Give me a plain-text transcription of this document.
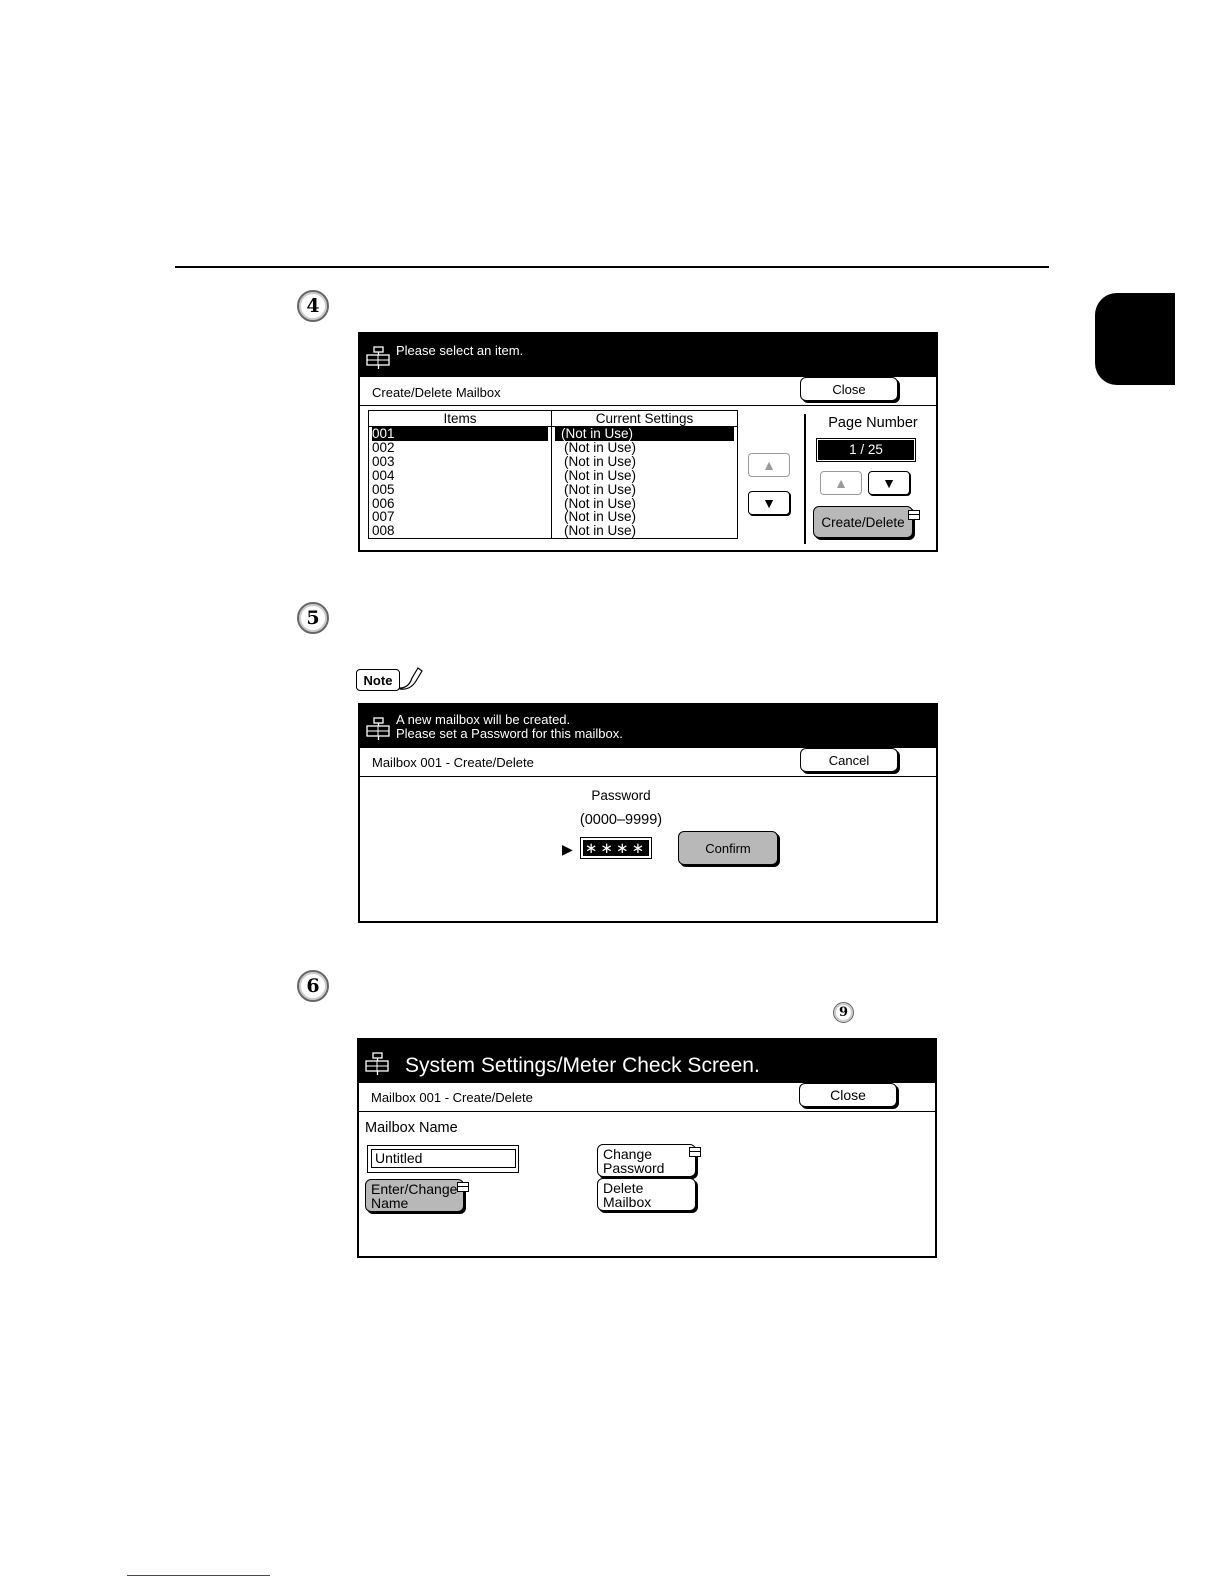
4
Please select an item.
Create/Delete Mailbox	Close
Items	Current Settings

001	(Not in Use)

002	(Not in Use)
003	(Not in Use)
004	(Not in Use)
005	(Not in Use)
006	(Not in Use)
007	(Not in Use)
008	(Not in Use)
▲
▼
Page Number
1 / 25
▲	▼
Create/Delete
5
Note
A new mailbox will be created.
Please set a Password for this mailbox.
Mailbox 001 - Create/Delete	Cancel
Password
(0000–9999)
▶ ∗∗∗∗	Confirm
6
9
System Settings/Meter Check Screen.
Mailbox 001 - Create/Delete	Close
Mailbox Name
Untitled
Enter/Change
Name
Change
Password
Delete
Mailbox
